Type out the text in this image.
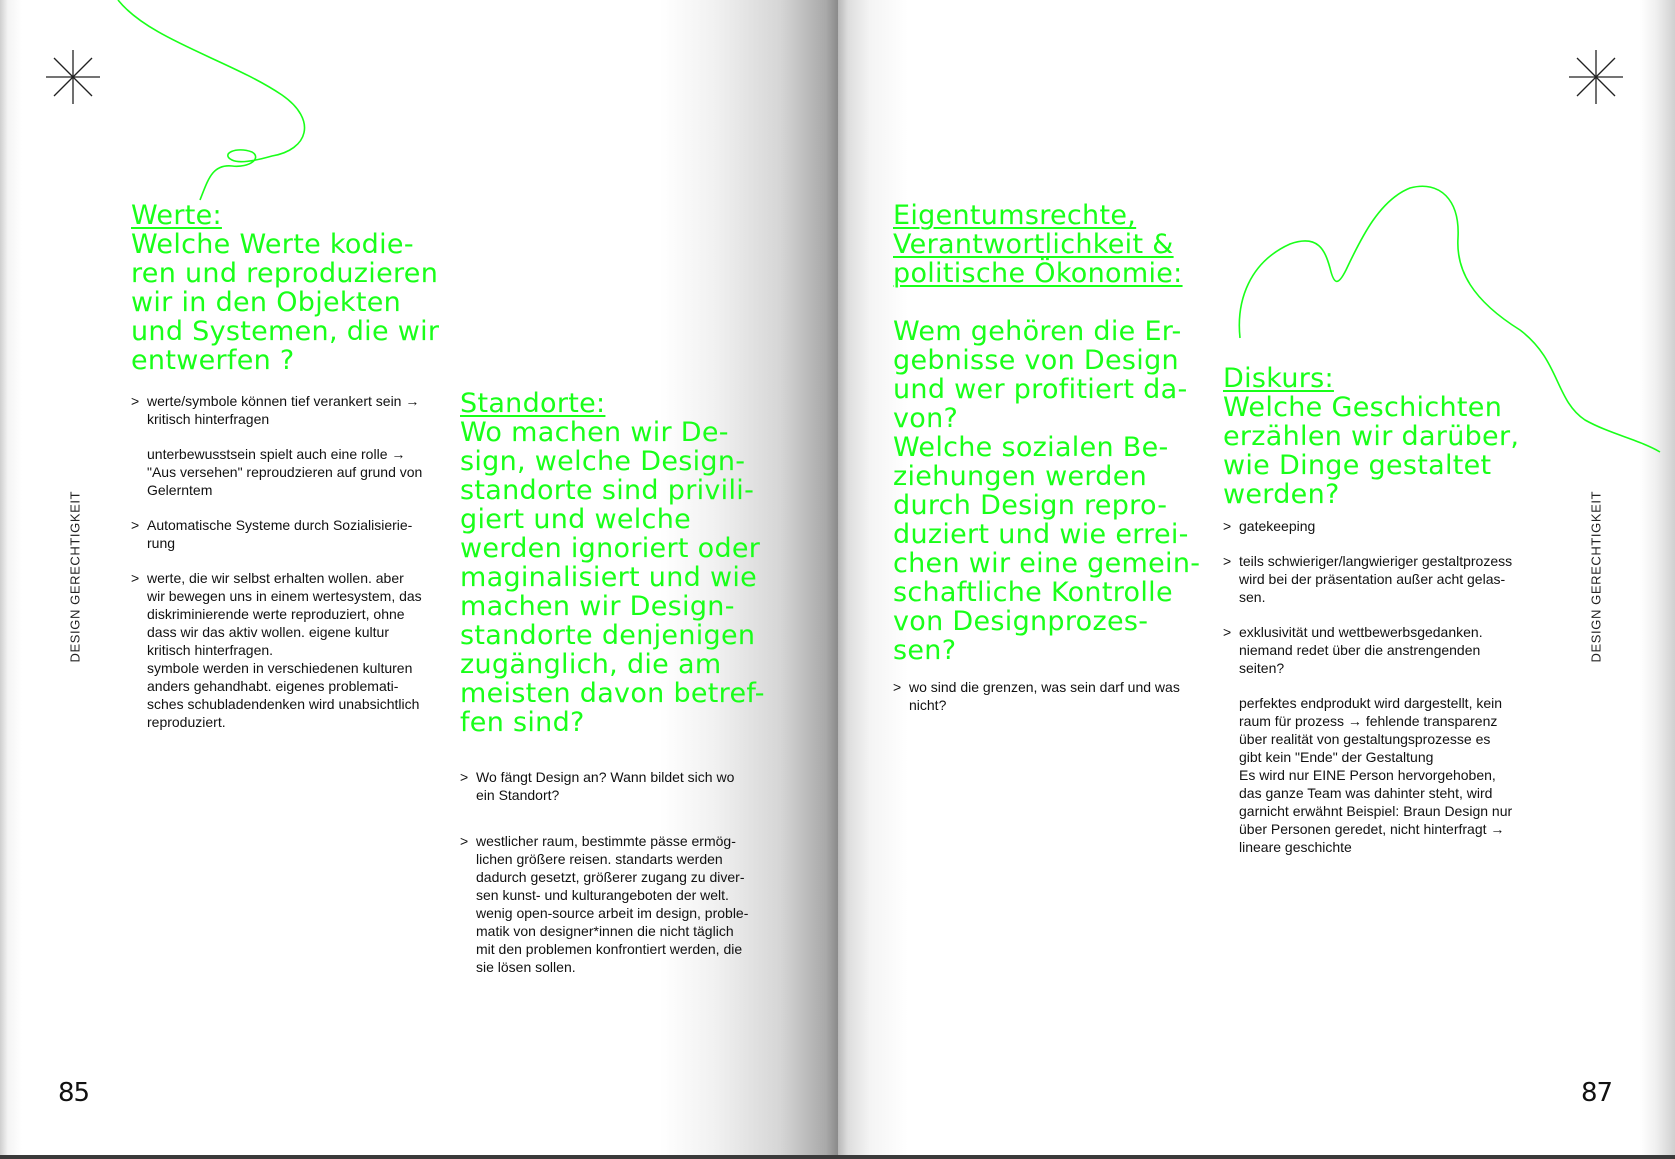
Werte:

Welche Werte kodie-
ren und reproduzieren
wir in den Objekten
und Systemen, die wir
entwerfen ?

> werte/symbole können tief verankert sein →
kritisch hinterfragen
unterbewusstsein spielt auch eine rolle →
"Aus versehen" reproudzieren auf grund von
Gelerntem
> Automatische Systeme durch Sozialisierie-
rung
> werte, die wir selbst erhalten wollen. aber
wir bewegen uns in einem wertesystem, das
diskriminierende werte reproduziert, ohne
dass wir das aktiv wollen. eigene kultur
kritisch hinterfragen.
symbole werden in verschiedenen kulturen
anders gehandhabt. eigenes problemati-
sches schubladendenken wird unabsichtlich
reproduziert.

Standorte:

Wo machen wir De-
sign, welche Design-
standorte sind privili-
giert und welche
werden ignoriert oder
maginalisiert und wie
machen wir Design-
standorte denjenigen
zugänglich, die am
meisten davon betref-
fen sind?

> Wo fängt Design an? Wann bildet sich wo
ein Standort?
> westlicher raum, bestimmte pässe ermög-
lichen größere reisen. standarts werden
dadurch gesetzt, größerer zugang zu diver-
sen kunst- und kulturangeboten der welt.
wenig open-source arbeit im design, proble-
matik von designer*innen die nicht täglich
mit den problemen konfrontiert werden, die
sie lösen sollen.
DESIGN GERECHTIGKEIT
85

Eigentumsrechte,
Verantwortlichkeit &
politische Ökonomie:

Wem gehören die Er-
gebnisse von Design
und wer profitiert da-
von?
Welche sozialen Be-
ziehungen werden
durch Design repro-
duziert und wie errei-
chen wir eine gemein-
schaftliche Kontrolle
von Designprozes-
sen?

> wo sind die grenzen, was sein darf und was
nicht?

Diskurs:

Welche Geschichten
erzählen wir darüber,
wie Dinge gestaltet
werden?

> gatekeeping
> teils schwieriger/langwieriger gestaltprozess
wird bei der präsentation außer acht gelas-
sen.
> exklusivität und wettbewerbsgedanken.
niemand redet über die anstrengenden
seiten?
perfektes endprodukt wird dargestellt, kein
raum für prozess → fehlende transparenz
über realität von gestaltungsprozesse es
gibt kein "Ende" der Gestaltung
Es wird nur EINE Person hervorgehoben,
das ganze Team was dahinter steht, wird
garnicht erwähnt Beispiel: Braun Design nur
über Personen geredet, nicht hinterfragt →
lineare geschichte
DESIGN GERECHTIGKEIT
87
